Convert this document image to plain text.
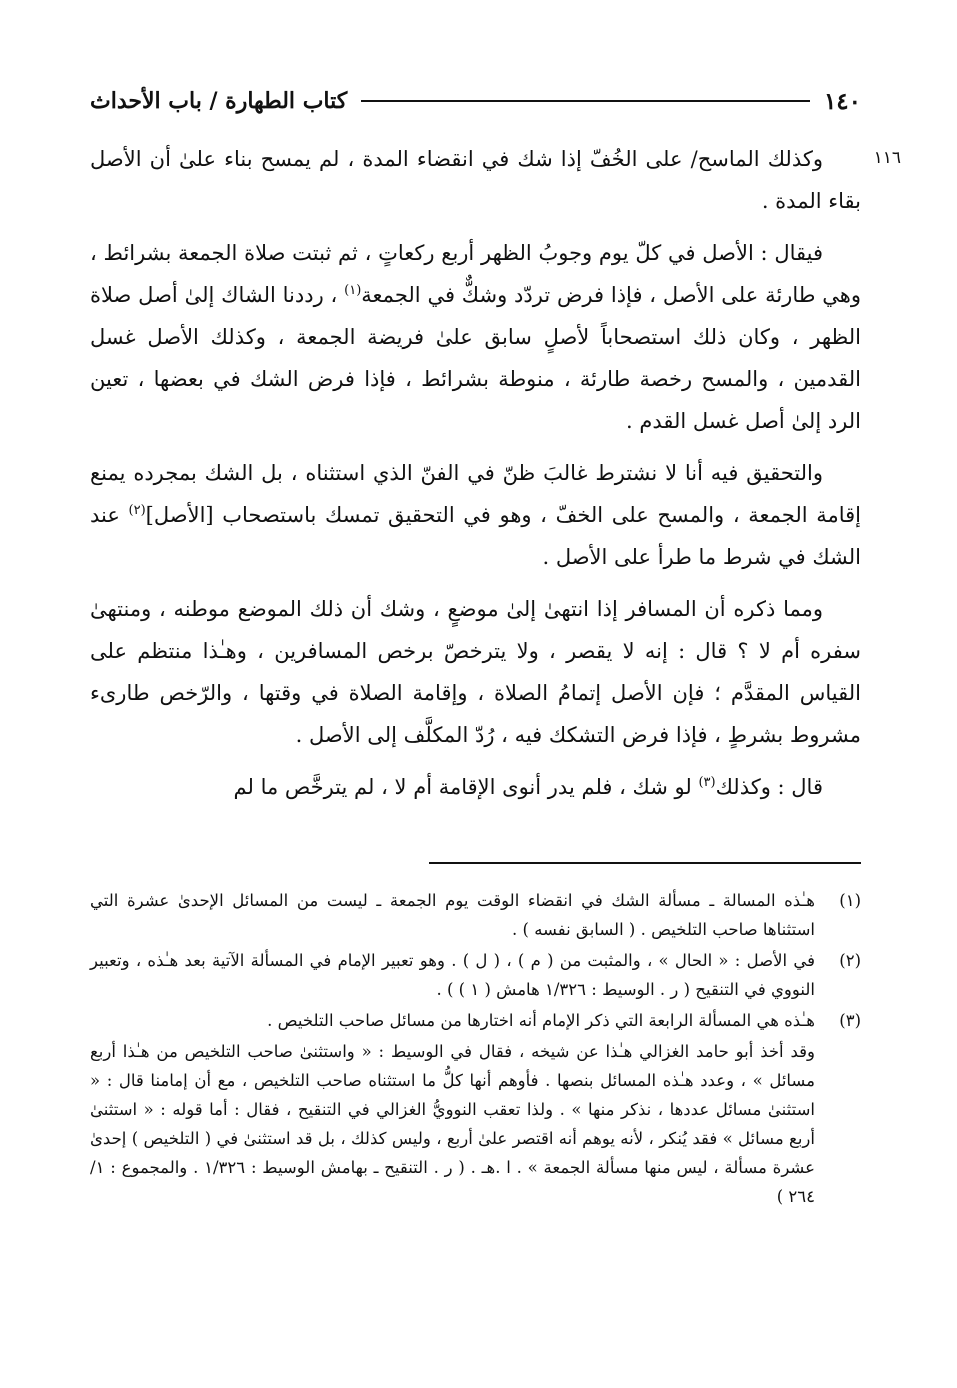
١٤٠
كتاب الطهارة / باب الأحداث
١١٦

وكذلك الماسح/ على الخُفّ إذا شك في انقضاء المدة ، لم يمسح بناء علىٰ أن الأصل بقاء المدة .

فيقال : الأصل في كلّ يوم وجوبُ الظهر أربع ركعاتٍ ، ثم ثبتت صلاة الجمعة بشرائط ، وهي طارئة على الأصل ، فإذا فرض تردّد وشكٌّ في الجمعة$^{(١)}$ ، رددنا الشاك إلىٰ أصل صلاة الظهر ، وكان ذلك استصحاباً لأصلٍ سابق علىٰ فريضة الجمعة ، وكذلك الأصل غسل القدمين ، والمسح رخصة طارئة ، منوطة بشرائط ، فإذا فرض الشك في بعضها ، تعين الرد إلىٰ أصل غسل القدم .

والتحقيق فيه أنا لا نشترط غالبَ ظنّ في الفنّ الذي استثناه ، بل الشك بمجرده يمنع إقامة الجمعة ، والمسح على الخفّ ، وهو في التحقيق تمسك باستصحاب [الأصل]$^{(٢)}$ عند الشك في شرط ما طرأ على الأصل .

ومما ذكره أن المسافر إذا انتهىٰ إلىٰ موضعٍ ، وشك أن ذلك الموضع موطنه ، ومنتهىٰ سفره أم لا ؟ قال : إنه لا يقصر ، ولا يترخصّ برخص المسافرين ، وهـٰذا منتظم على القياس المقدَّم ؛ فإن الأصل إتمامُ الصلاة ، وإقامة الصلاة في وقتها ، والرّخص طارىء مشروط بشرطٍ ، فإذا فرض التشكك فيه ، رُدّ المكلَّف إلى الأصل .

قال : وكذلك$^{(٣)}$ لو شك ، فلم يدر أنوى الإقامة أم لا ، لم يترخَّص ما لم

(١)
هـٰذه المسالة ـ مسألة الشك في انقضاء الوقت يوم الجمعة ـ ليست من المسائل الإحدىٰ عشرة التي استثناها صاحب التلخيص . ( السابق نفسه ) .
(٢)
في الأصل : « الحال » ، والمثبت من ( م ) ، ( ل ) . وهو تعبير الإمام في المسألة الآتية بعد هـٰذه ، وتعبير النووي في التنقيح ( ر . الوسيط : ١/٣٢٦ هامش ( ١ ) ) .
(٣)
هـٰذه هي المسألة الرابعة التي ذكر الإمام أنه اختارها من مسائل صاحب التلخيص .
وقد أخذ أبو حامد الغزالي هـٰذا عن شيخه ، فقال في الوسيط : « واستثنىٰ صاحب التلخيص من هـٰذا أربع مسائل » ، وعدد هـٰذه المسائل بنصها . فأوهم أنها كلُّ ما استثناه صاحب التلخيص ، مع أن إمامنا قال : « استثنىٰ مسائل عددها ، نذكر منها » . ولذا تعقب النوويُّ الغزالي في التنقيح ، فقال : أما قوله : « استثنىٰ أربع مسائل » فقد يُنكر ، لأنه يوهم أنه اقتصر علىٰ أربع ، وليس كذلك ، بل قد استثنىٰ في ( التلخيص ) إحدىٰ عشرة مسألة ، ليس منها مسألة الجمعة » . ا .هـ . ( ر . التنقيح ـ بهامش الوسيط : ١/٣٢٦ . والمجموع : ١/ ٢٦٤ )
